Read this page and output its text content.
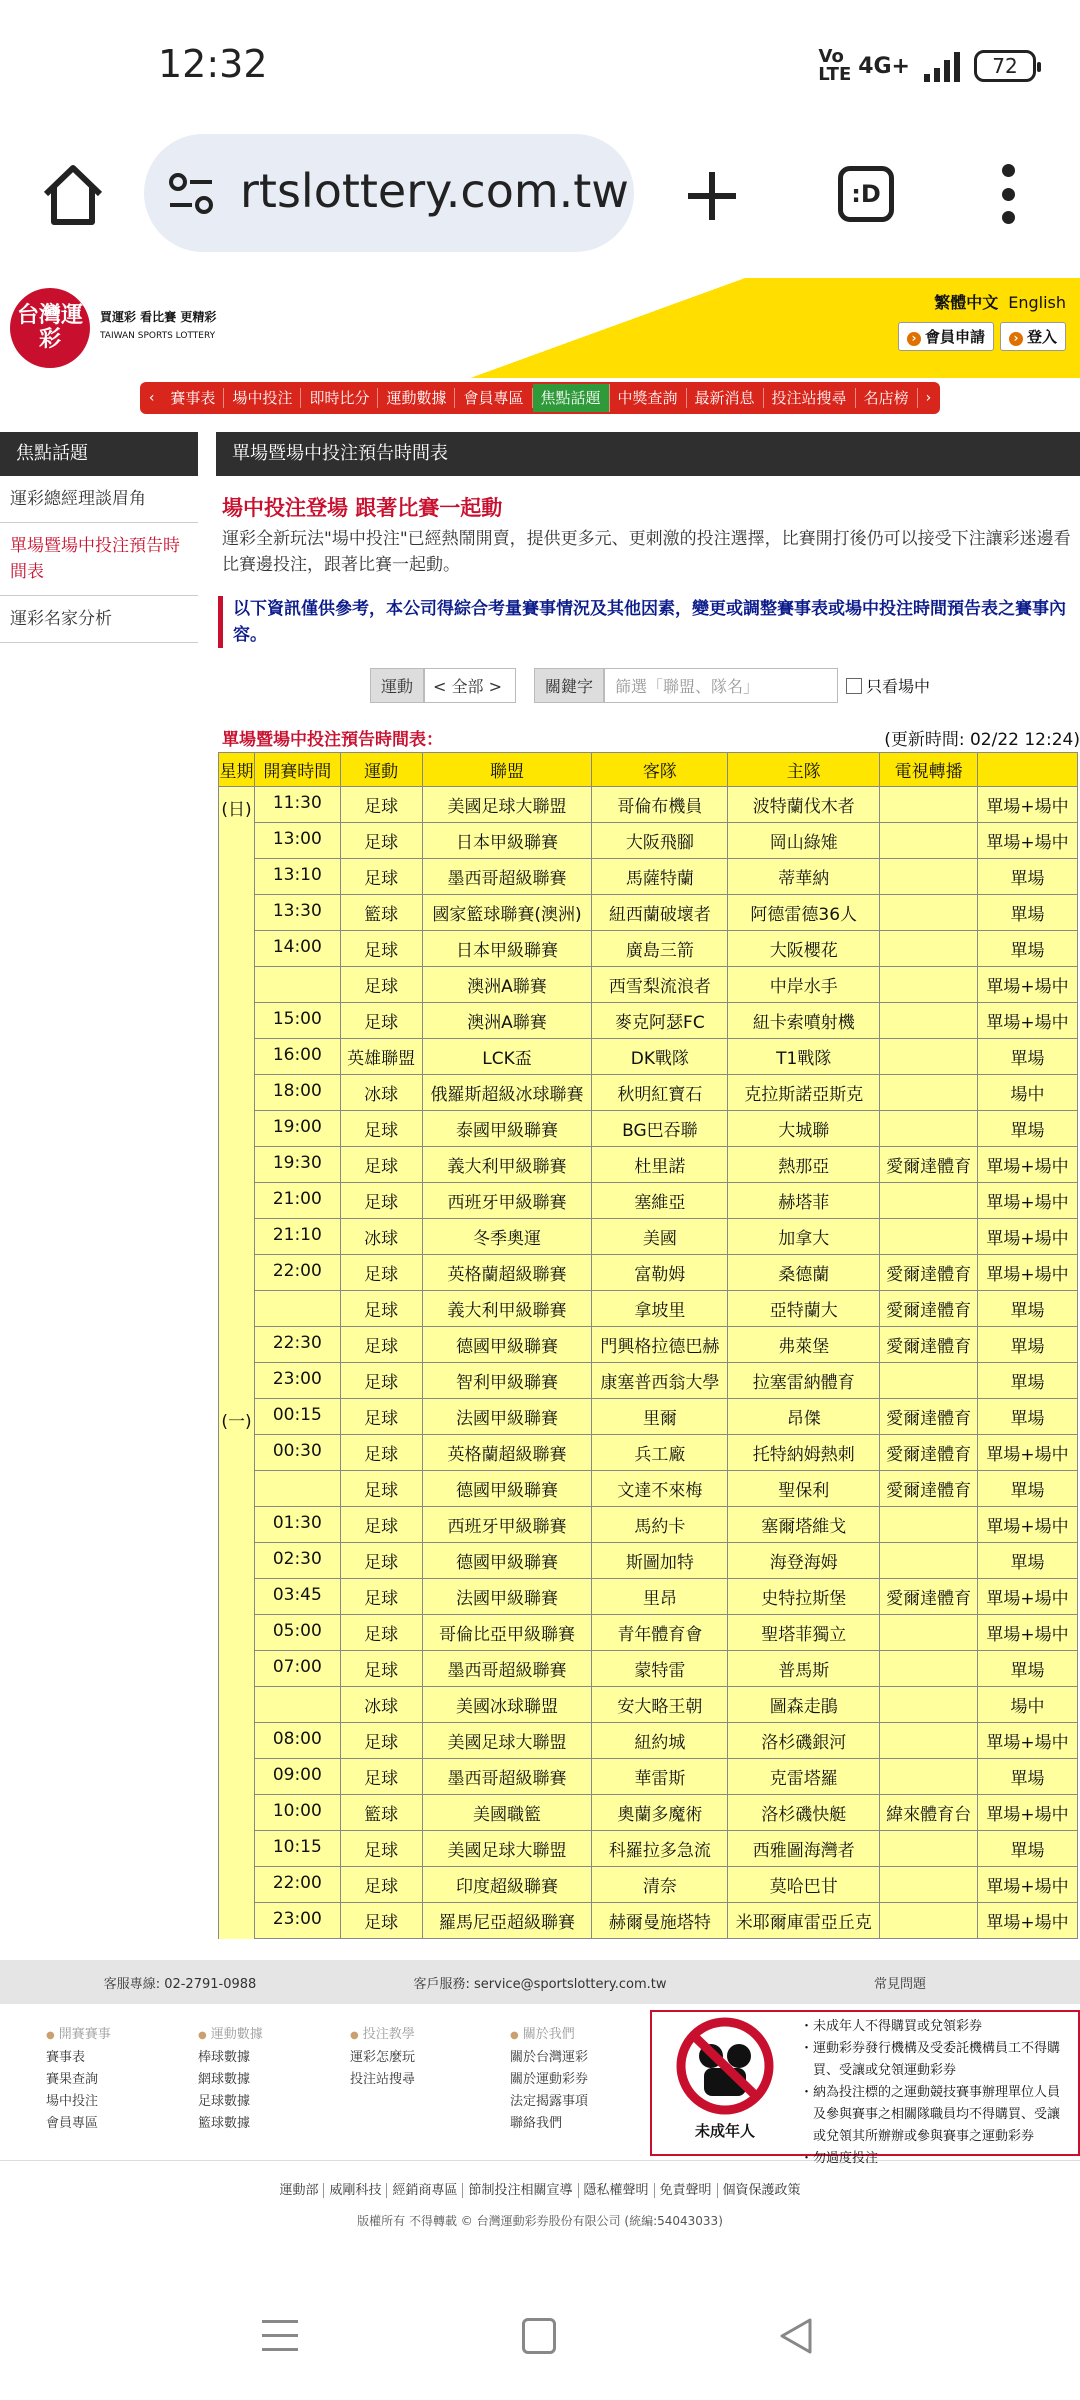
12:32	Vo LTE 4G+	72
rtslottery.com.tw	:D
台灣運彩
買運彩 看比賽 更精彩
TAIWAN SPORTS LOTTERY
繁體中文 English
› 會員申請	› 登入
‹	賽事表	場中投注	即時比分	運動數據	會員專區	焦點話題	中獎查詢	最新消息	投注站搜尋	名店榜	›
焦點話題
運彩總經理談眉角
單場暨場中投注預告時間表
運彩名家分析
單場暨場中投注預告時間表
場中投注登場 跟著比賽一起動
運彩全新玩法"場中投注"已經熱鬧開賣，提供更多元、更刺激的投注選擇，比賽開打後仍可以接受下注讓彩迷邊看比賽邊投注，跟著比賽一起動。
以下資訊僅供參考，本公司得綜合考量賽事情況及其他因素，變更或調整賽事表或場中投注時間預告表之賽事內容。
運動	< 全部 >	關鍵字	篩選「聯盟、隊名」	只看場中
單場暨場中投注預告時間表：	(更新時間: 02/22 12:24)
星期	開賽時間	運動	聯盟	客隊	主隊	電視轉播	
(日)	11:30	足球	美國足球大聯盟	哥倫布機員	波特蘭伐木者		單場+場中
	13:00	足球	日本甲級聯賽	大阪飛腳	岡山綠雉		單場+場中
	13:10	足球	墨西哥超級聯賽	馬薩特蘭	蒂華納		單場
	13:30	籃球	國家籃球聯賽(澳洲)	紐西蘭破壞者	阿德雷德36人		單場
	14:00	足球	日本甲級聯賽	廣島三箭	大阪櫻花		單場
		足球	澳洲A聯賽	西雪梨流浪者	中岸水手		單場+場中
	15:00	足球	澳洲A聯賽	麥克阿瑟FC	紐卡索噴射機		單場+場中
	16:00	英雄聯盟	LCK盃	DK戰隊	T1戰隊		單場
	18:00	冰球	俄羅斯超級冰球聯賽	秋明紅寶石	克拉斯諾亞斯克		場中
	19:00	足球	泰國甲級聯賽	BG巴吞聯	大城聯		單場
	19:30	足球	義大利甲級聯賽	杜里諾	熱那亞	愛爾達體育	單場+場中
	21:00	足球	西班牙甲級聯賽	塞維亞	赫塔菲		單場+場中
	21:10	冰球	冬季奧運	美國	加拿大		單場+場中
	22:00	足球	英格蘭超級聯賽	富勒姆	桑德蘭	愛爾達體育	單場+場中
		足球	義大利甲級聯賽	拿坡里	亞特蘭大	愛爾達體育	單場
	22:30	足球	德國甲級聯賽	門興格拉德巴赫	弗萊堡	愛爾達體育	單場
	23:00	足球	智利甲級聯賽	康塞普西翁大學	拉塞雷納體育		單場
(一)	00:15	足球	法國甲級聯賽	里爾	昂傑	愛爾達體育	單場
	00:30	足球	英格蘭超級聯賽	兵工廠	托特納姆熱刺	愛爾達體育	單場+場中
		足球	德國甲級聯賽	文達不來梅	聖保利	愛爾達體育	單場
	01:30	足球	西班牙甲級聯賽	馬約卡	塞爾塔維戈		單場+場中
	02:30	足球	德國甲級聯賽	斯圖加特	海登海姆		單場
	03:45	足球	法國甲級聯賽	里昂	史特拉斯堡	愛爾達體育	單場+場中
	05:00	足球	哥倫比亞甲級聯賽	青年體育會	聖塔菲獨立		單場+場中
	07:00	足球	墨西哥超級聯賽	蒙特雷	普馬斯		單場
		冰球	美國冰球聯盟	安大略王朝	圖森走鵑		場中
	08:00	足球	美國足球大聯盟	紐約城	洛杉磯銀河		單場+場中
	09:00	足球	墨西哥超級聯賽	華雷斯	克雷塔羅		單場
	10:00	籃球	美國職籃	奧蘭多魔術	洛杉磯快艇	緯來體育台	單場+場中
	10:15	足球	美國足球大聯盟	科羅拉多急流	西雅圖海灣者		單場
	22:00	足球	印度超級聯賽	清奈	莫哈巴甘		單場+場中
	23:00	足球	羅馬尼亞超級聯賽	赫爾曼施塔特	米耶爾庫雷亞丘克		單場+場中
客服專線: 02-2791-0988	客戶服務: service@sportslottery.com.tw	常見問題
未成年人
・未成年人不得購買或兌領彩券
・運動彩券發行機構及受委託機構員工不得購
　買、受讓或兌領運動彩券
・納為投注標的之運動競技賽事辦理單位人員
　及參與賽事之相關隊職員均不得購買、受讓
　或兌領其所辦辦或參與賽事之運動彩券
・勿過度投注
● 開賽賽事
賽事表
賽果查詢
場中投注
會員專區
● 運動數據
棒球數據
網球數據
足球數據
籃球數據
● 投注教學
運彩怎麼玩
投注站搜尋
● 關於我們
關於台灣運彩
關於運動彩券
法定揭露事項
聯絡我們
運動部 威剛科技 經銷商專區 節制投注相關宣導 隱私權聲明 免責聲明 個資保護政策
版權所有 不得轉載 © 台灣運動彩券股份有限公司 (統編:54043033)
